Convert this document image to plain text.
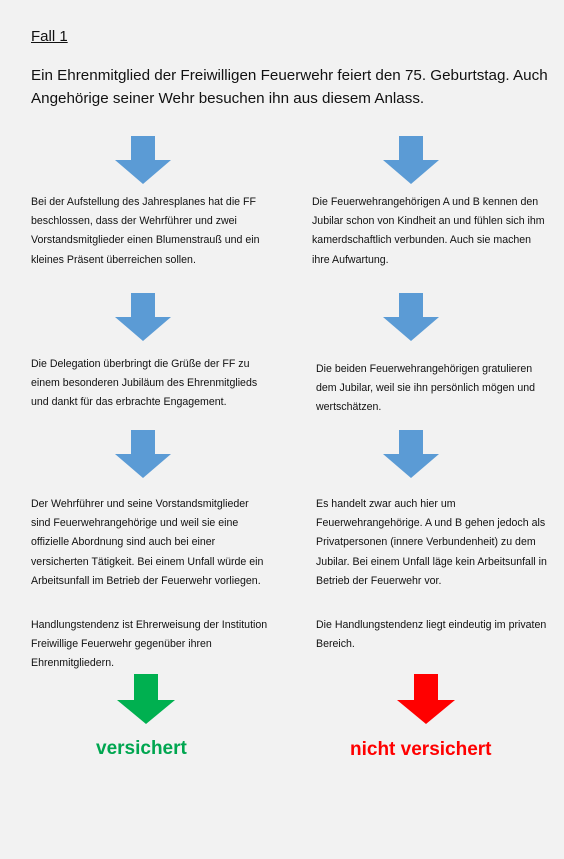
Fall 1
Ein Ehrenmitglied der Freiwilligen Feuerwehr feiert den 75. Geburtstag. Auch Angehörige seiner Wehr besuchen ihn aus diesem Anlass.
Bei der Aufstellung des Jahresplanes hat die FF beschlossen, dass der Wehrführer und zwei Vorstandsmitglieder einen Blumenstrauß und ein kleines Präsent überreichen sollen.
Die Feuerwehrangehörigen A und B kennen den Jubilar schon von Kindheit an und fühlen sich ihm kamerdschaftlich verbunden. Auch sie machen ihre Aufwartung.
Die Delegation überbringt die Grüße der FF zu einem besonderen Jubiläum des Ehrenmitglieds und dankt für das erbrachte Engagement.
Die beiden Feuerwehrangehörigen gratulieren dem Jubilar, weil sie ihn persönlich mögen und wertschätzen.
Der Wehrführer und seine Vorstandsmitglieder sind Feuerwehrangehörige und weil sie eine offizielle Abordnung sind auch bei einer versicherten Tätigkeit. Bei einem Unfall würde ein Arbeitsunfall im Betrieb der Feuerwehr vorliegen.
Es handelt zwar auch hier um Feuerwehrangehörige. A und B gehen jedoch als Privatpersonen (innere Verbundenheit) zu dem Jubilar. Bei einem Unfall läge kein Arbeitsunfall in Betrieb der Feuerwehr vor.
Handlungstendenz ist Ehrerweisung der Institution Freiwillige Feuerwehr gegenüber ihren Ehrenmitgliedern.
Die Handlungstendenz liegt eindeutig im privaten Bereich.
versichert	nicht versichert
